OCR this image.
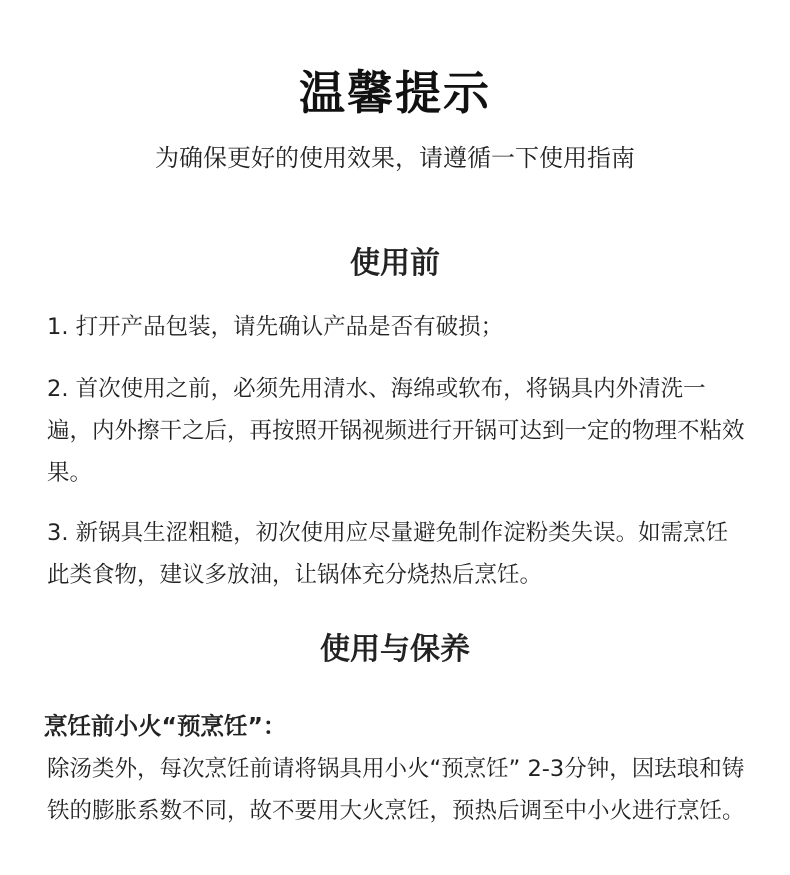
温馨提示
为确保更好的使用效果，请遵循一下使用指南
使用前
1. 打开产品包装，请先确认产品是否有破损；
2. 首次使用之前，必须先用清水、海绵或软布，将锅具内外清洗一遍，内外擦干之后，再按照开锅视频进行开锅可达到一定的物理不粘效果。
3. 新锅具生涩粗糙，初次使用应尽量避免制作淀粉类失误。如需烹饪此类食物，建议多放油，让锅体充分烧热后烹饪。
使用与保养
烹饪前小火“预烹饪”：
除汤类外，每次烹饪前请将锅具用小火“预烹饪” 2-3分钟，因珐琅和铸铁的膨胀系数不同，故不要用大火烹饪，预热后调至中小火进行烹饪。
